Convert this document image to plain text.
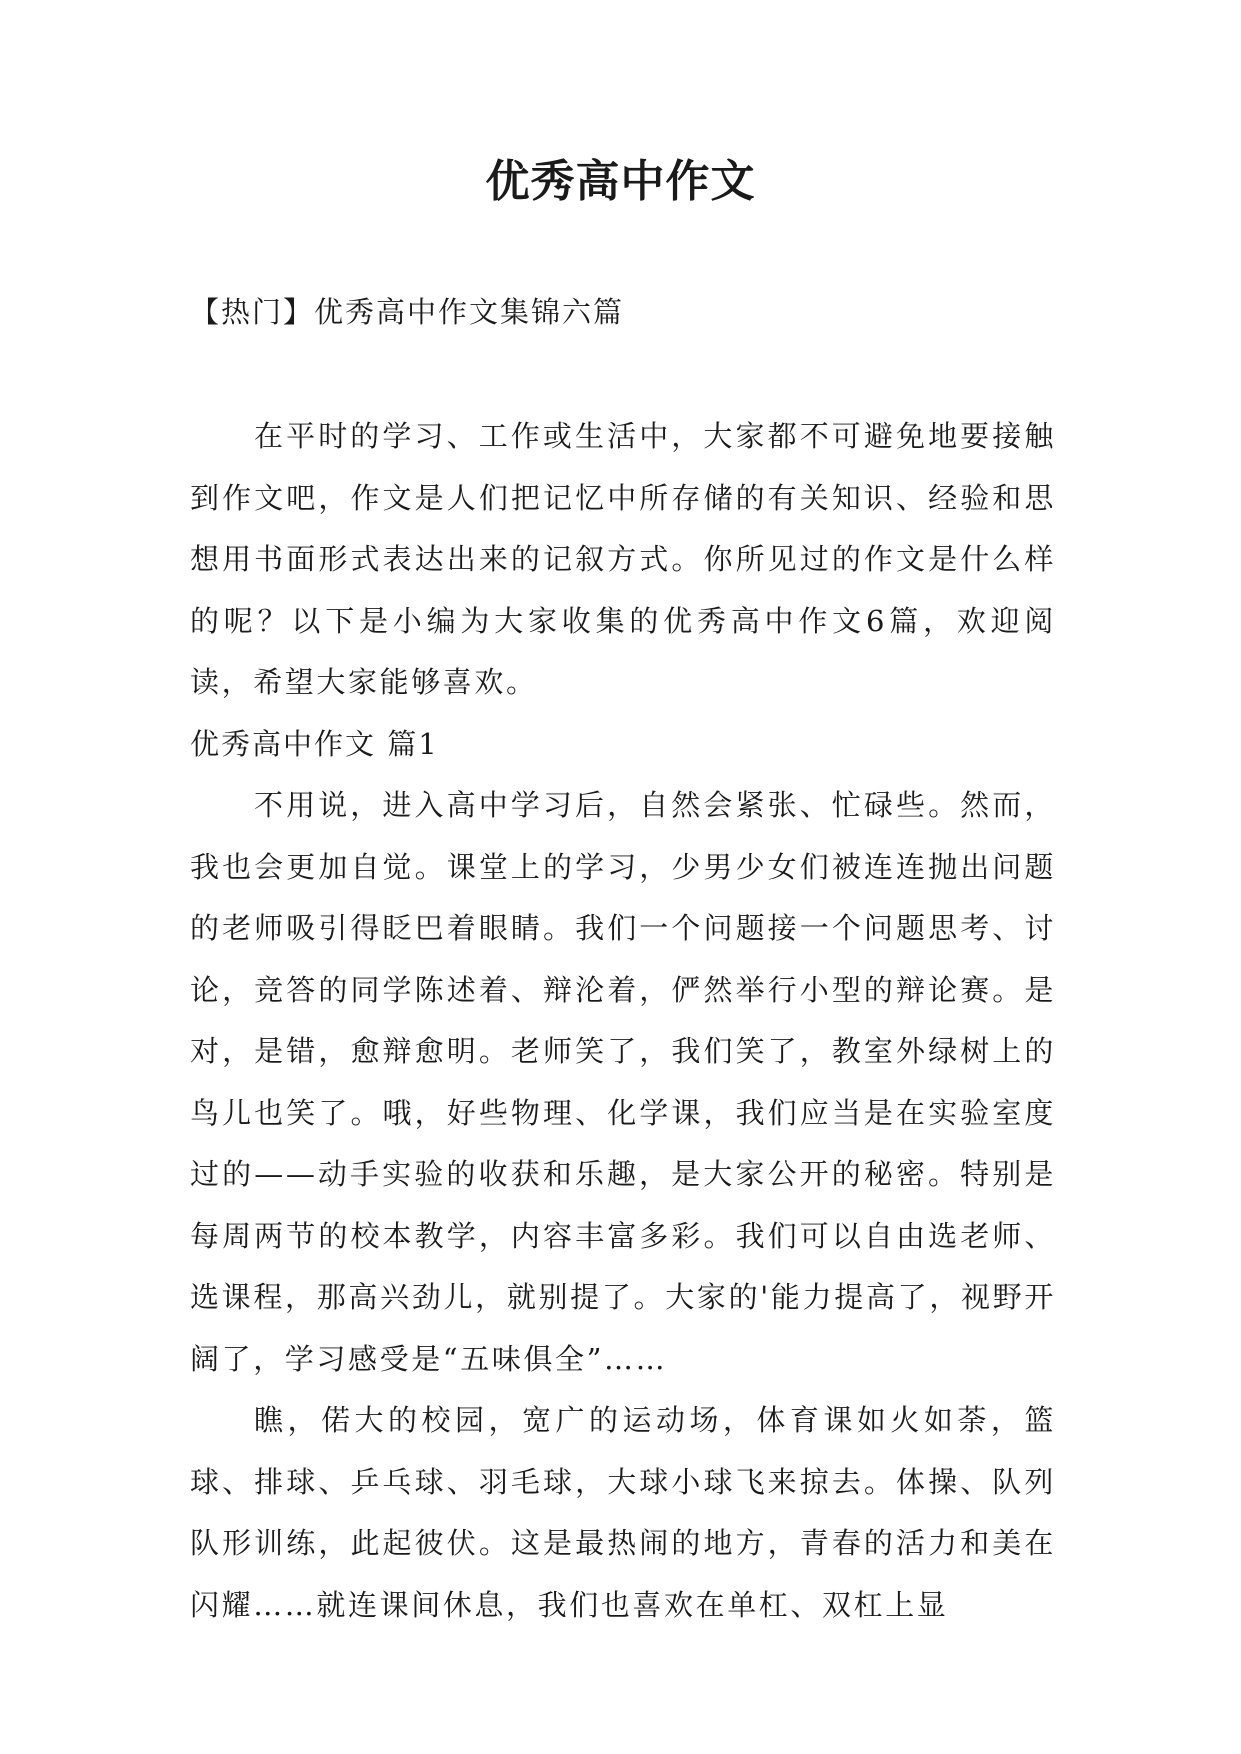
优秀高中作文

【热门】优秀高中作文集锦六篇

在平时的学习、工作或生活中，大家都不可避免地要接触到作文吧，作文是人们把记忆中所存储的有关知识、经验和思想用书面形式表达出来的记叙方式。你所见过的作文是什么样的呢？以下是小编为大家收集的优秀高中作文6篇，欢迎阅读，希望大家能够喜欢。

优秀高中作文 篇1

不用说，进入高中学习后，自然会紧张、忙碌些。然而，我也会更加自觉。课堂上的学习，少男少女们被连连抛出问题的老师吸引得眨巴着眼睛。我们一个问题接一个问题思考、讨论，竞答的同学陈述着、辩沦着，俨然举行小型的辩论赛。是对，是错，愈辩愈明。老师笑了，我们笑了，教室外绿树上的鸟儿也笑了。哦，好些物理、化学课，我们应当是在实验室度过的——动手实验的收获和乐趣，是大家公开的秘密。特别是每周两节的校本教学，内容丰富多彩。我们可以自由选老师、选课程，那高兴劲儿，就别提了。大家的'能力提高了，视野开阔了，学习感受是“五味俱全”……

瞧，偌大的校园，宽广的运动场，体育课如火如荼，篮球、排球、乒乓球、羽毛球，大球小球飞来掠去。体操、队列队形训练，此起彼伏。这是最热闹的地方，青春的活力和美在闪耀……就连课间休息，我们也喜欢在单杠、双杠上显
